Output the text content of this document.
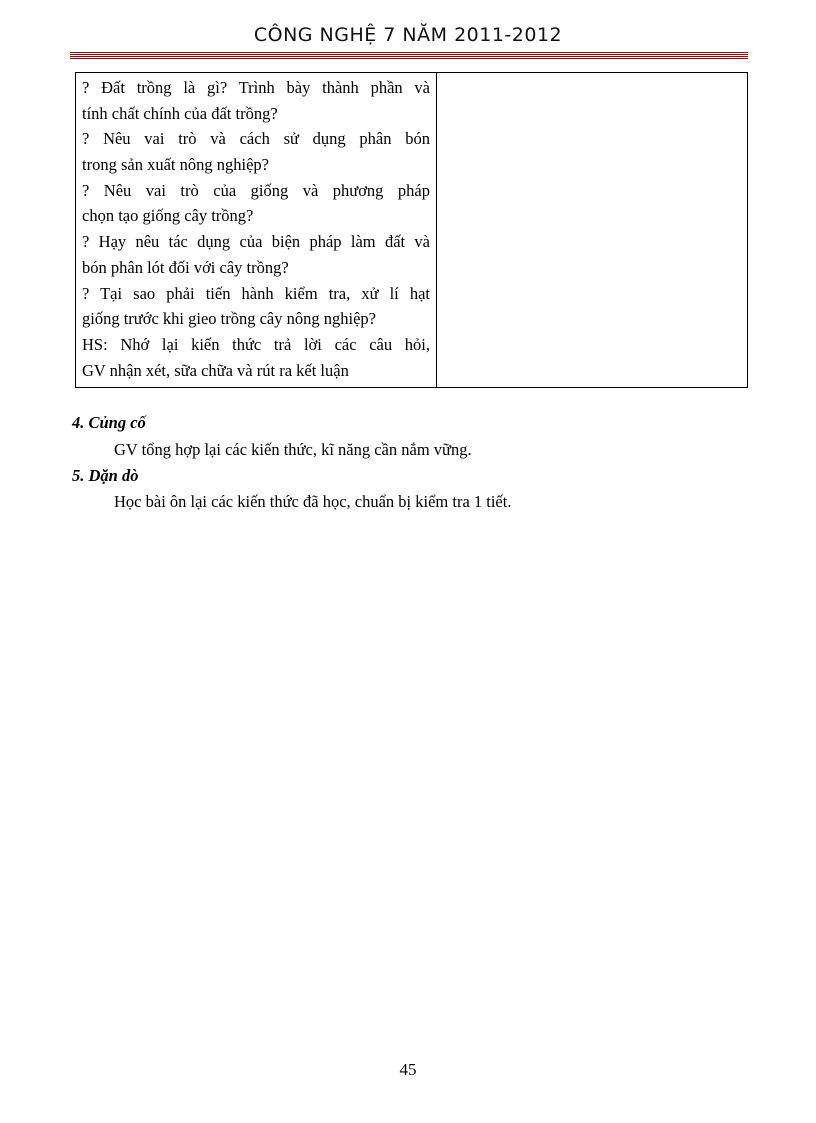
CÔNG NGHỆ 7 NĂM 2011-2012
? Đất trồng là gì? Trình bày thành phần và
tính chất chính của đất trồng?
? Nêu vai trò và cách sử dụng phân bón
trong sản xuất nông nghiệp?
? Nêu vai trò của giống và phương pháp
chọn tạo giống cây trồng?
? Hạy nêu tác dụng của biện pháp làm đất và
bón phân lót đối với cây trồng?
? Tại sao phải tiến hành kiểm tra, xử lí hạt
giống trước khi gieo trồng cây nông nghiệp?
HS: Nhớ lại kiến thức trả lời các câu hỏi,
GV nhận xét, sữa chữa và rút ra kết luận

4. Củng cố
GV tổng hợp lại các kiến thức, kĩ năng cần nắm vững.
5. Dặn dò
Học bài ôn lại các kiến thức đã học, chuẩn bị kiểm tra 1 tiết.
45
